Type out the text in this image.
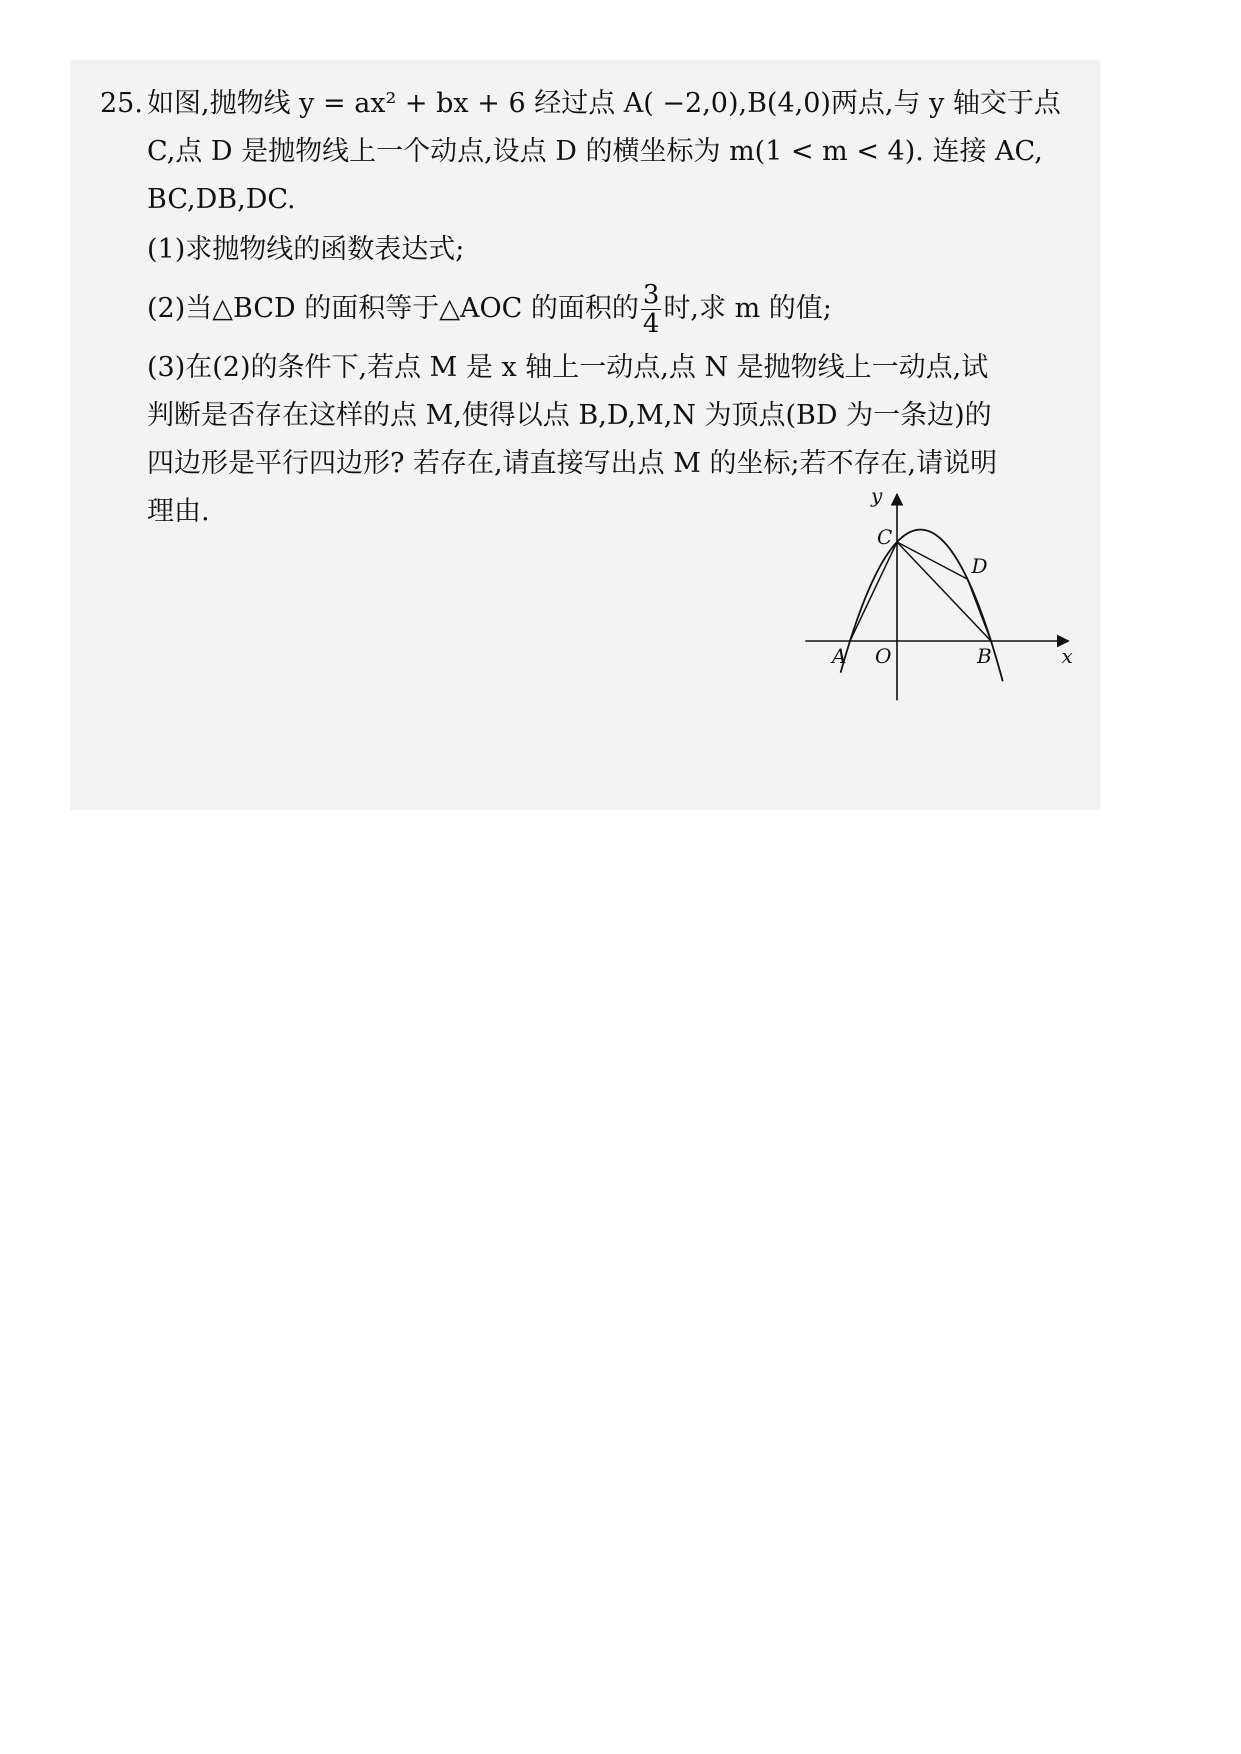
25. 如图,抛物线 y = ax² + bx + 6 经过点 A( −2,0),B(4,0)两点,与 y 轴交于点
C,点 D 是抛物线上一个动点,设点 D 的横坐标为 m(1 < m < 4). 连接 AC,
BC,DB,DC.
(1)求抛物线的函数表达式;
(2)当△BCD 的面积等于△AOC 的面积的 $\frac{3}{4}$ 时,求 m 的值;
(3)在(2)的条件下,若点 M 是 x 轴上一动点,点 N 是抛物线上一动点,试
判断是否存在这样的点 M,使得以点 B,D,M,N 为顶点(BD 为一条边)的
四边形是平行四边形? 若存在,请直接写出点 M 的坐标;若不存在,请说明
理由.
y
x
A O	B
C
D
